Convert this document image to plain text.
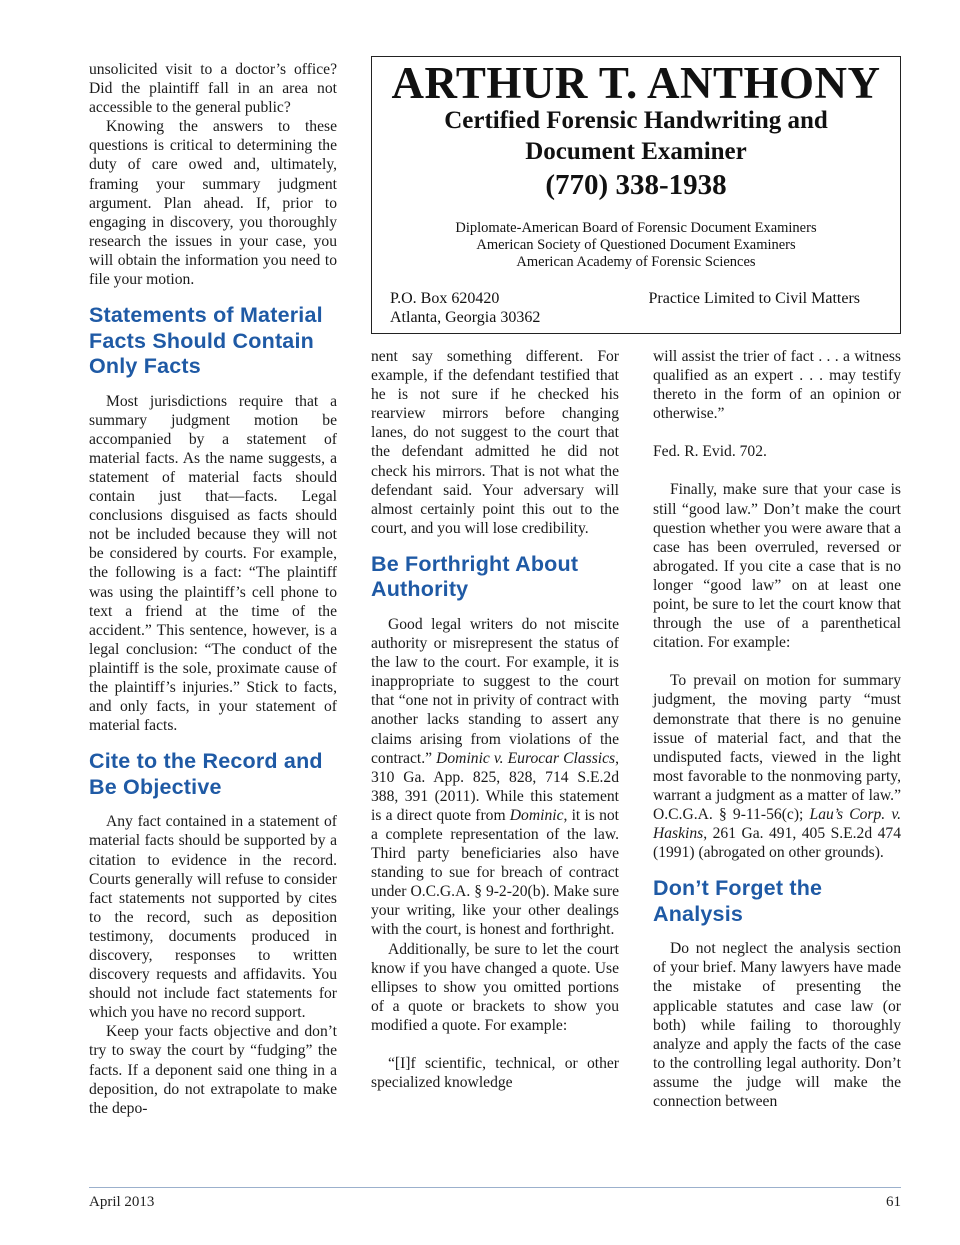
ARTHUR T. ANTHONY
Certified Forensic Handwriting and
Document Examiner
(770) 338-1938
Diplomate-American Board of Forensic Document Examiners
American Society of Questioned Document Examiners
American Academy of Forensic Sciences
P.O. Box 620420
Atlanta, Georgia 30362
Practice Limited to Civil Matters

unsolicited visit to a doctor’s office? Did the plaintiff fall in an area not accessible to the general public?

Knowing the answers to these questions is critical to determining the duty of care owed and, ultimately, framing your summary judgment argument. Plan ahead. If, prior to engaging in discovery, you thoroughly research the issues in your case, you will obtain the information you need to file your motion.

Statements of Material Facts Should Contain Only Facts

Most jurisdictions require that a summary judgment motion be accompanied by a statement of material facts. As the name suggests, a statement of material facts should contain just that—facts. Legal conclusions disguised as facts should not be included because they will not be considered by courts. For example, the following is a fact: “The plaintiff was using the plaintiff’s cell phone to text a friend at the time of the accident.” This sentence, however, is a legal conclusion: “The conduct of the plaintiff is the sole, proximate cause of the plaintiff’s injuries.” Stick to facts, and only facts, in your statement of material facts.

Cite to the Record and Be Objective

Any fact contained in a statement of material facts should be supported by a citation to evidence in the record. Courts generally will refuse to consider fact statements not supported by cites to the record, such as deposition testimony, documents produced in discovery, responses to written discovery requests and affidavits. You should not include fact statements for which you have no record support.

Keep your facts objective and don’t try to sway the court by “fudging” the facts. If a deponent said one thing in a deposition, do not extrapolate to make the depo-

nent say something different. For example, if the defendant testified that he is not sure if he checked his rearview mirrors before changing lanes, do not suggest to the court that the defendant admitted he did not check his mirrors. That is not what the defendant said. Your adversary will almost certainly point this out to the court, and you will lose credibility.

Be Forthright About Authority

Good legal writers do not miscite authority or misrepresent the status of the law to the court. For example, it is inappropriate to suggest to the court that “one not in privity of contract with another lacks standing to assert any claims arising from violations of the contract.” Dominic v. Eurocar Classics, 310 Ga. App. 825, 828, 714 S.E.2d 388, 391 (2011). While this statement is a direct quote from Dominic, it is not a complete representation of the law. Third party beneficiaries also have standing to sue for breach of contract under O.C.G.A. § 9-2-20(b). Make sure your writing, like your other dealings with the court, is honest and forthright.

Additionally, be sure to let the court know if you have changed a quote. Use ellipses to show you omitted portions of a quote or brackets to show you modified a quote. For example:

“[I]f scientific, technical, or other specialized knowledge

will assist the trier of fact . . . a witness qualified as an expert . . . may testify thereto in the form of an opinion or otherwise.”

Fed. R. Evid. 702.

Finally, make sure that your case is still “good law.” Don’t make the court question whether you were aware that a case has been overruled, reversed or abrogated. If you cite a case that is no longer “good law” on at least one point, be sure to let the court know that through the use of a parenthetical citation. For example:

To prevail on motion for summary judgment, the moving party “must demonstrate that there is no genuine issue of material fact, and that the undisputed facts, viewed in the light most favorable to the nonmoving party, warrant a judgment as a matter of law.” O.C.G.A. § 9-11-56(c); Lau’s Corp. v. Haskins, 261 Ga. 491, 405 S.E.2d 474 (1991) (abrogated on other grounds).

Don’t Forget the Analysis

Do not neglect the analysis section of your brief. Many lawyers have made the mistake of presenting the applicable statutes and case law (or both) while failing to thoroughly analyze and apply the facts of the case to the controlling legal authority. Don’t assume the judge will make the connection between

April 2013	61
